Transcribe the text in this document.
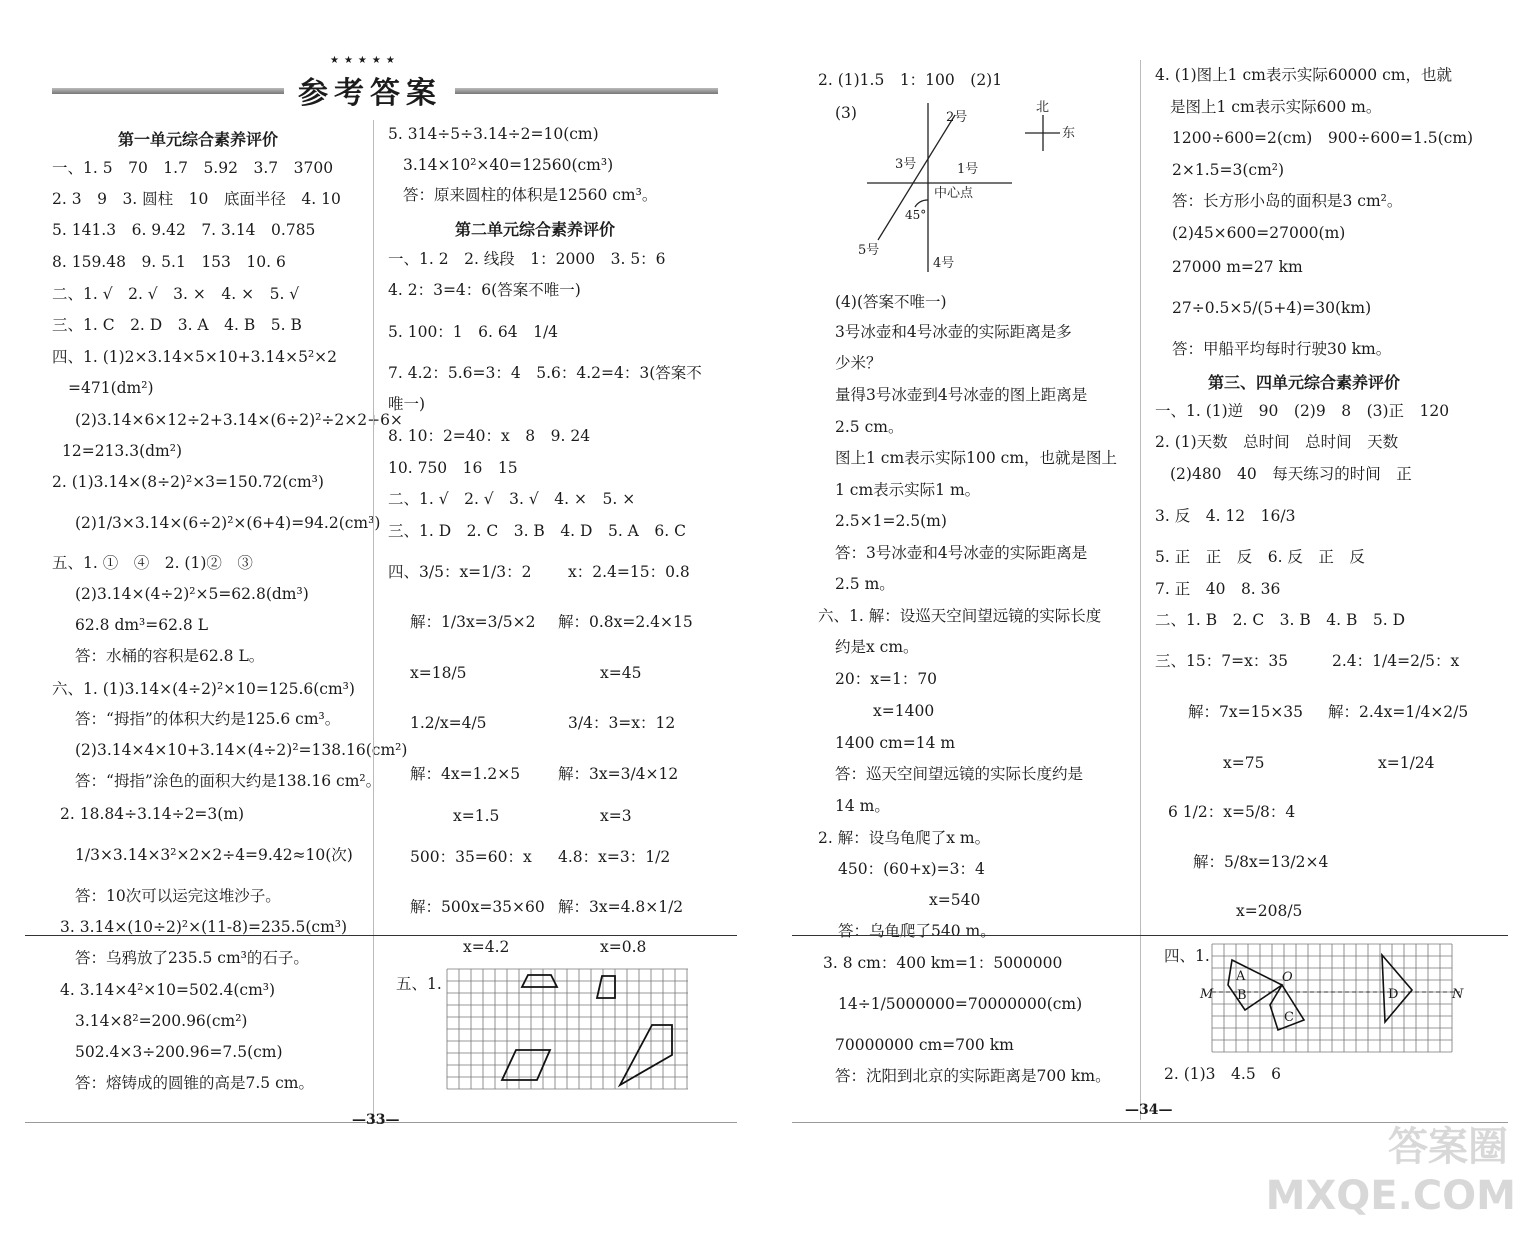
★★★★★
参考答案
第一单元综合素养评价
一、1. 5　70　1.7　5.92　3.7　3700
2. 3　9　3. 圆柱　10　底面半径　4. 10
5. 141.3　6. 9.42　7. 3.14　0.785
8. 159.48　9. 5.1　153　10. 6
二、1. √　2. √　3. ×　4. ×　5. √
三、1. C　2. D　3. A　4. B　5. B
四、1. (1)2×3.14×5×10+3.14×5²×2
=471(dm²)
(2)3.14×6×12÷2+3.14×(6÷2)²÷2×2+6×
12=213.3(dm²)
2. (1)3.14×(8÷2)²×3=150.72(cm³)
(2)1/3×3.14×(6÷2)²×(6+4)=94.2(cm³)
五、1. ①　④　2. (1)②　③
(2)3.14×(4÷2)²×5=62.8(dm³)
62.8 dm³=62.8 L
答：水桶的容积是62.8 L。
六、1. (1)3.14×(4÷2)²×10=125.6(cm³)
答：“拇指”的体积大约是125.6 cm³。
(2)3.14×4×10+3.14×(4÷2)²=138.16(cm²)
答：“拇指”涂色的面积大约是138.16 cm²。
2. 18.84÷3.14÷2=3(m)
1/3×3.14×3²×2×2÷4=9.42≈10(次)
答：10次可以运完这堆沙子。
3. 3.14×(10÷2)²×(11-8)=235.5(cm³)
答：乌鸦放了235.5 cm³的石子。
4. 3.14×4²×10=502.4(cm³)
3.14×8²=200.96(cm²)
502.4×3÷200.96=7.5(cm)
答：熔铸成的圆锥的高是7.5 cm。
5. 314÷5÷3.14÷2=10(cm)
3.14×10²×40=12560(cm³)
答：原来圆柱的体积是12560 cm³。
第二单元综合素养评价
一、1. 2　2. 线段　1：2000　3. 5：6
4. 2：3=4：6(答案不唯一)
5. 100：1　6. 64　1/4
7. 4.2：5.6=3：4　5.6：4.2=4：3(答案不
唯一)
8. 10：2=40：x　8　9. 24
10. 750　16　15
二、1. √　2. √　3. √　4. ×　5. ×
三、1. D　2. C　3. B　4. D　5. A　6. C
四、3/5：x=1/3：2 x：2.4=15：0.8
解：1/3x=3/5×2 解：0.8x=2.4×15
x=18/5	x=45
1.2/x=4/5	3/4：3=x：12
解：4x=1.2×5 解：3x=3/4×12
x=1.5	x=3
500：35=60：x 4.8：x=3：1/2
解：500x=35×60 解：3x=4.8×1/2
x=4.2	x=0.8
五、1.
2. (1)1.5　1：100　(2)1
(3)
(4)(答案不唯一)
3号冰壶和4号冰壶的实际距离是多
少米？
量得3号冰壶到4号冰壶的图上距离是
2.5 cm。
图上1 cm表示实际100 cm，也就是图上
1 cm表示实际1 m。
2.5×1=2.5(m)
答：3号冰壶和4号冰壶的实际距离是
2.5 m。
六、1. 解：设巡天空间望远镜的实际长度
约是x cm。
20：x=1：70
x=1400
1400 cm=14 m
答：巡天空间望远镜的实际长度约是
14 m。
2. 解：设乌龟爬了x m。
450：(60+x)=3：4
x=540
答：乌龟爬了540 m。
3. 8 cm：400 km=1：5000000
14÷1/5000000=70000000(cm)
70000000 cm=700 km
答：沈阳到北京的实际距离是700 km。
4. (1)图上1 cm表示实际60000 cm，也就
是图上1 cm表示实际600 m。
1200÷600=2(cm)　900÷600=1.5(cm)
2×1.5=3(cm²)
答：长方形小岛的面积是3 cm²。
(2)45×600=27000(m)
27000 m=27 km
27÷0.5×5/(5+4)=30(km)
答：甲船平均每时行驶30 km。
第三、四单元综合素养评价
一、1. (1)逆　90　(2)9　8　(3)正　120
2. (1)天数　总时间　总时间　天数
(2)480　40　每天练习的时间　正
3. 反　4. 12　16/3
5. 正　正　反　6. 反　正　反
7. 正　40　8. 36
二、1. B　2. C　3. B　4. B　5. D
三、15：7=x：35	2.4：1/4=2/5：x
解：7x=15×35 解：2.4x=1/4×2/5
x=75	x=1/24
6 1/2：x=5/8：4
解：5/8x=13/2×4
x=208/5
四、1.
2. (1)3　4.5　6
—33—
—34—
北
东
1号
2号
3号
4号
5号
中心点
45°
A
B
C
D
O
M	N
答案圈
MXQE.COM
